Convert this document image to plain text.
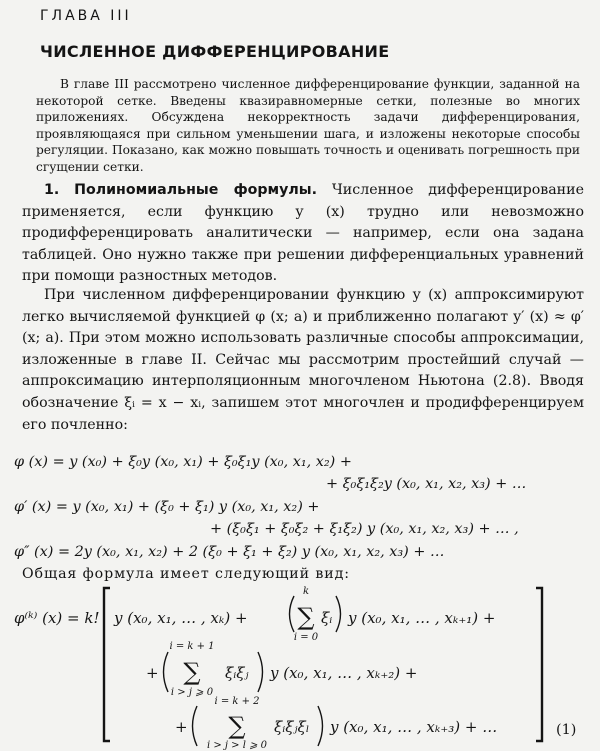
ГЛАВА III
ЧИСЛЕННОЕ ДИФФЕРЕНЦИРОВАНИЕ
В главе III рассмотрено численное дифференцирование функции, заданной на некоторой сетке. Введены квазиравномерные сетки, полезные во многих приложениях. Обсуждена некорректность задачи дифференцирования, проявляющаяся при сильном уменьшении шага, и изложены некоторые способы регуляции. Показано, как можно повышать точность и оценивать погрешность при сгущении сетки.
1. Полиномиальные формулы. Численное дифференцирование применяется, если функцию y (x) трудно или невозможно продифференцировать аналитически — например, если она задана таблицей. Оно нужно также при решении дифференциальных уравнений при помощи разностных методов.
При численном дифференцировании функцию y (x) аппроксимируют легко вычисляемой функцией φ (x; a) и приближенно полагают y′ (x) ≈ φ′ (x; a). При этом можно использовать различные способы аппроксимации, изложенные в главе II. Сейчас мы рассмотрим простейший случай — аппроксимацию интерполяционным многочленом Ньютона (2.8). Вводя обозначение ξᵢ = x − xᵢ, запишем этот многочлен и продифференцируем его почленно:
φ (x) = y (x₀) + ξ₀y (x₀, x₁) + ξ₀ξ₁y (x₀, x₁, x₂) +
+ ξ₀ξ₁ξ₂y (x₀, x₁, x₂, x₃) + …
φ′ (x) = y (x₀, x₁) + (ξ₀ + ξ₁) y (x₀, x₁, x₂) +
+ (ξ₀ξ₁ + ξ₀ξ₂ + ξ₁ξ₂) y (x₀, x₁, x₂, x₃) + … ,
φ″ (x) = 2y (x₀, x₁, x₂) + 2 (ξ₀ + ξ₁ + ξ₂) y (x₀, x₁, x₂, x₃) + …
Общая формула имеет следующий вид:
φ⁽ᵏ⁾ (x) = k! y (x₀, x₁, … , xₖ) +
k
∑
i = 0
ξᵢ y (x₀, x₁, … , xₖ₊₁) +
+
i = k + 1
∑
i > j ⩾ 0
ξᵢξⱼ y (x₀, x₁, … , xₖ₊₂) +
+
i = k + 2
∑
i > j > l ⩾ 0
ξᵢξⱼξₗ y (x₀, x₁, … , xₖ₊₃) + …	(1)
